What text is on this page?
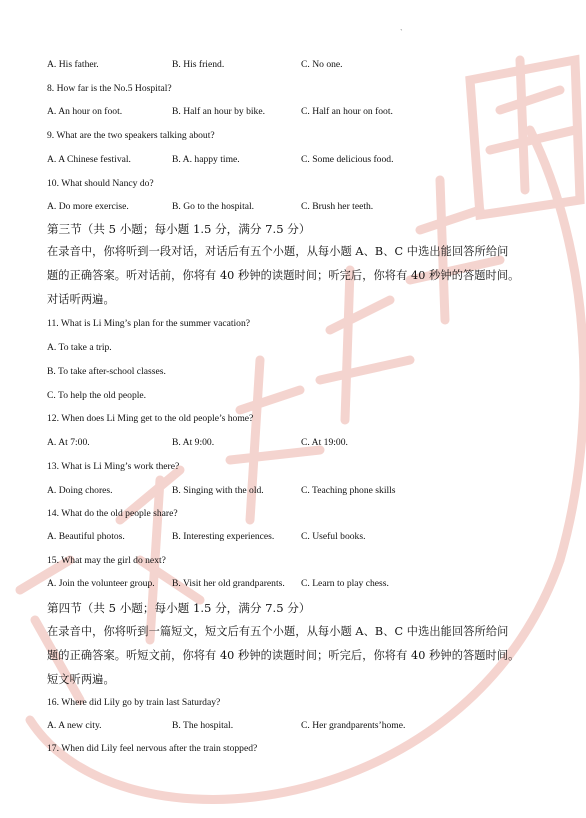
`
A. His father.	B. His friend.	C. No one.
8. How far is the No.5 Hospital?
A. An hour on foot.	B. Half an hour by bike.	C. Half an hour on foot.
9. What are the two speakers talking about?
A. A Chinese festival.	B. A. happy time.	C. Some delicious food.
10. What should Nancy do?
A. Do more exercise.	B. Go to the hospital.	C. Brush her teeth.
第三节（共 5 小题；每小题 1.5 分，满分 7.5 分）
在录音中，你将听到一段对话，对话后有五个小题，从每小题 A、B、C 中选出能回答所给问
题的正确答案。听对话前，你将有 40 秒钟的读题时间；听完后，你将有 40 秒钟的答题时间。
对话听两遍。
11. What is Li Ming’s plan for the summer vacation?
A. To take a trip.
B. To take after-school classes.
C. To help the old people.
12. When does Li Ming get to the old people’s home?
A. At 7:00.	B. At 9:00.	C. At 19:00.
13. What is Li Ming’s work there?
A. Doing chores.	B. Singing with the old.	C. Teaching phone skills
14. What do the old people share?
A. Beautiful photos.	B. Interesting experiences.	C. Useful books.
15. What may the girl do next?
A. Join the volunteer group. B. Visit her old grandparents. C. Learn to play chess.
第四节（共 5 小题；每小题 1.5 分，满分 7.5 分）
在录音中，你将听到一篇短文，短文后有五个小题，从每小题 A、B、C 中选出能回答所给问
题的正确答案。听短文前，你将有 40 秒钟的读题时间；听完后，你将有 40 秒钟的答题时间。
短文听两遍。
16. Where did Lily go by train last Saturday?
A. A new city.	B. The hospital.	C. Her grandparents’home.
17. When did Lily feel nervous after the train stopped?
